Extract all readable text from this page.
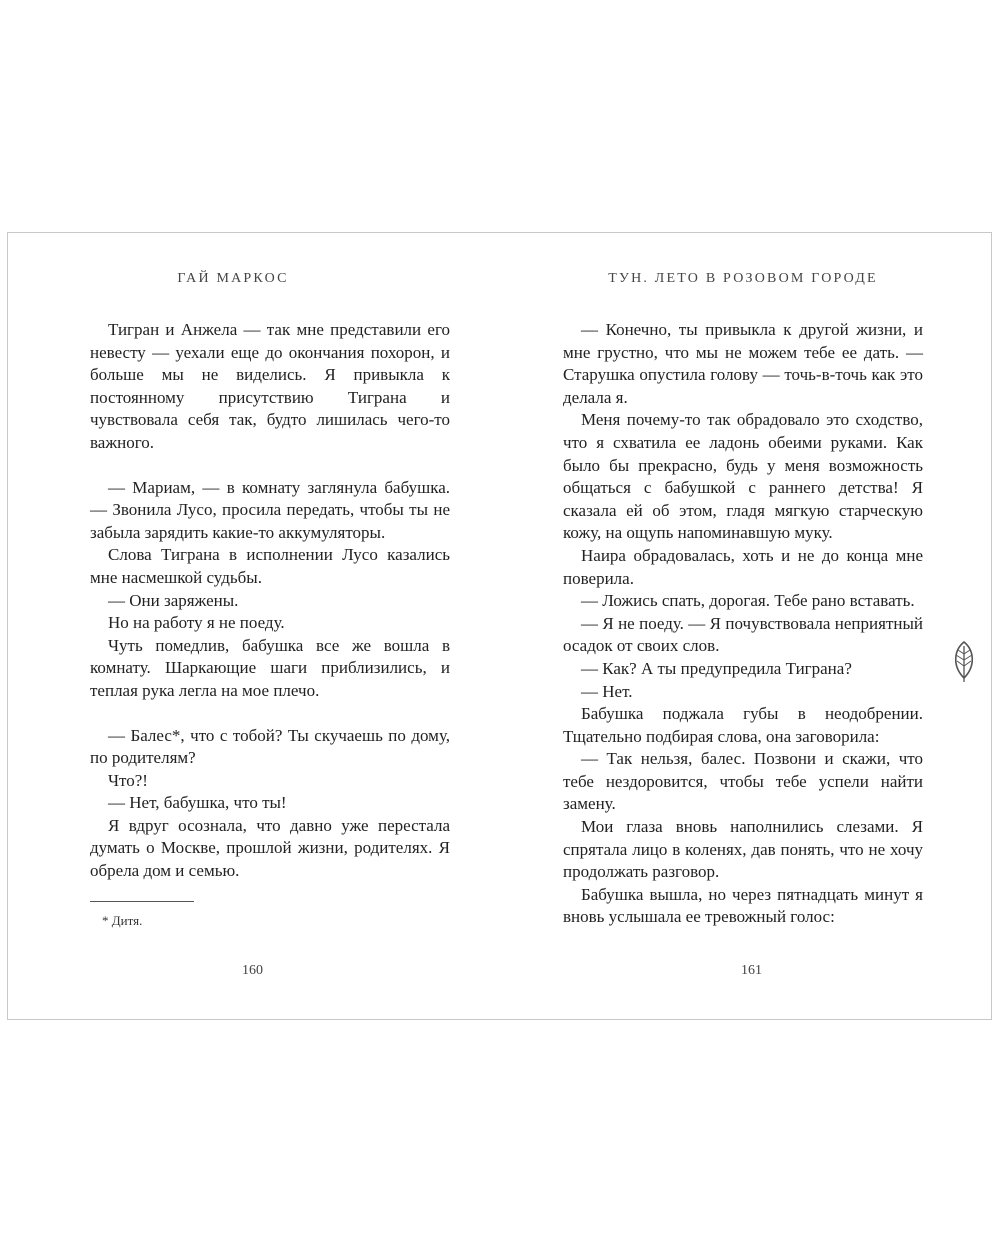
ГАЙ МАРКОС

Тигран и Анжела — так мне представили его невесту — уехали еще до окончания похорон, и больше мы не виделись. Я привыкла к постоянному присутствию Тиграна и чувствовала себя так, будто лишилась чего-то важного.

— Мариам, — в комнату заглянула бабушка. — Звонила Лусо, просила передать, чтобы ты не забыла зарядить какие-то аккумуляторы.

Слова Тиграна в исполнении Лусо казались мне насмешкой судьбы.

— Они заряжены.

Но на работу я не поеду.

Чуть помедлив, бабушка все же вошла в комнату. Шаркающие шаги приблизились, и теплая рука легла на мое плечо.

— Балес*, что с тобой? Ты скучаешь по дому, по родителям?

Что?!

— Нет, бабушка, что ты!

Я вдруг осознала, что давно уже перестала думать о Москве, прошлой жизни, родителях. Я обрела дом и семью.

* Дитя.
160
ТУН. ЛЕТО В РОЗОВОМ ГОРОДЕ

— Конечно, ты привыкла к другой жизни, и мне грустно, что мы не можем тебе ее дать. — Старушка опустила голову — точь-в-точь как это делала я.

Меня почему-то так обрадовало это сходство, что я схватила ее ладонь обеими руками. Как было бы прекрасно, будь у меня возможность общаться с бабушкой с раннего детства! Я сказала ей об этом, гладя мягкую старческую кожу, на ощупь напоминавшую муку.

Наира обрадовалась, хоть и не до конца мне поверила.

— Ложись спать, дорогая. Тебе рано вставать.

— Я не поеду. — Я почувствовала неприятный осадок от своих слов.

— Как? А ты предупредила Тиграна?

— Нет.

Бабушка поджала губы в неодобрении. Тщательно подбирая слова, она заговорила:

— Так нельзя, балес. Позвони и скажи, что тебе нездоровится, чтобы тебе успели найти замену.

Мои глаза вновь наполнились слезами. Я спрятала лицо в коленях, дав понять, что не хочу продолжать разговор.

Бабушка вышла, но через пятнадцать минут я вновь услышала ее тревожный голос:

161
